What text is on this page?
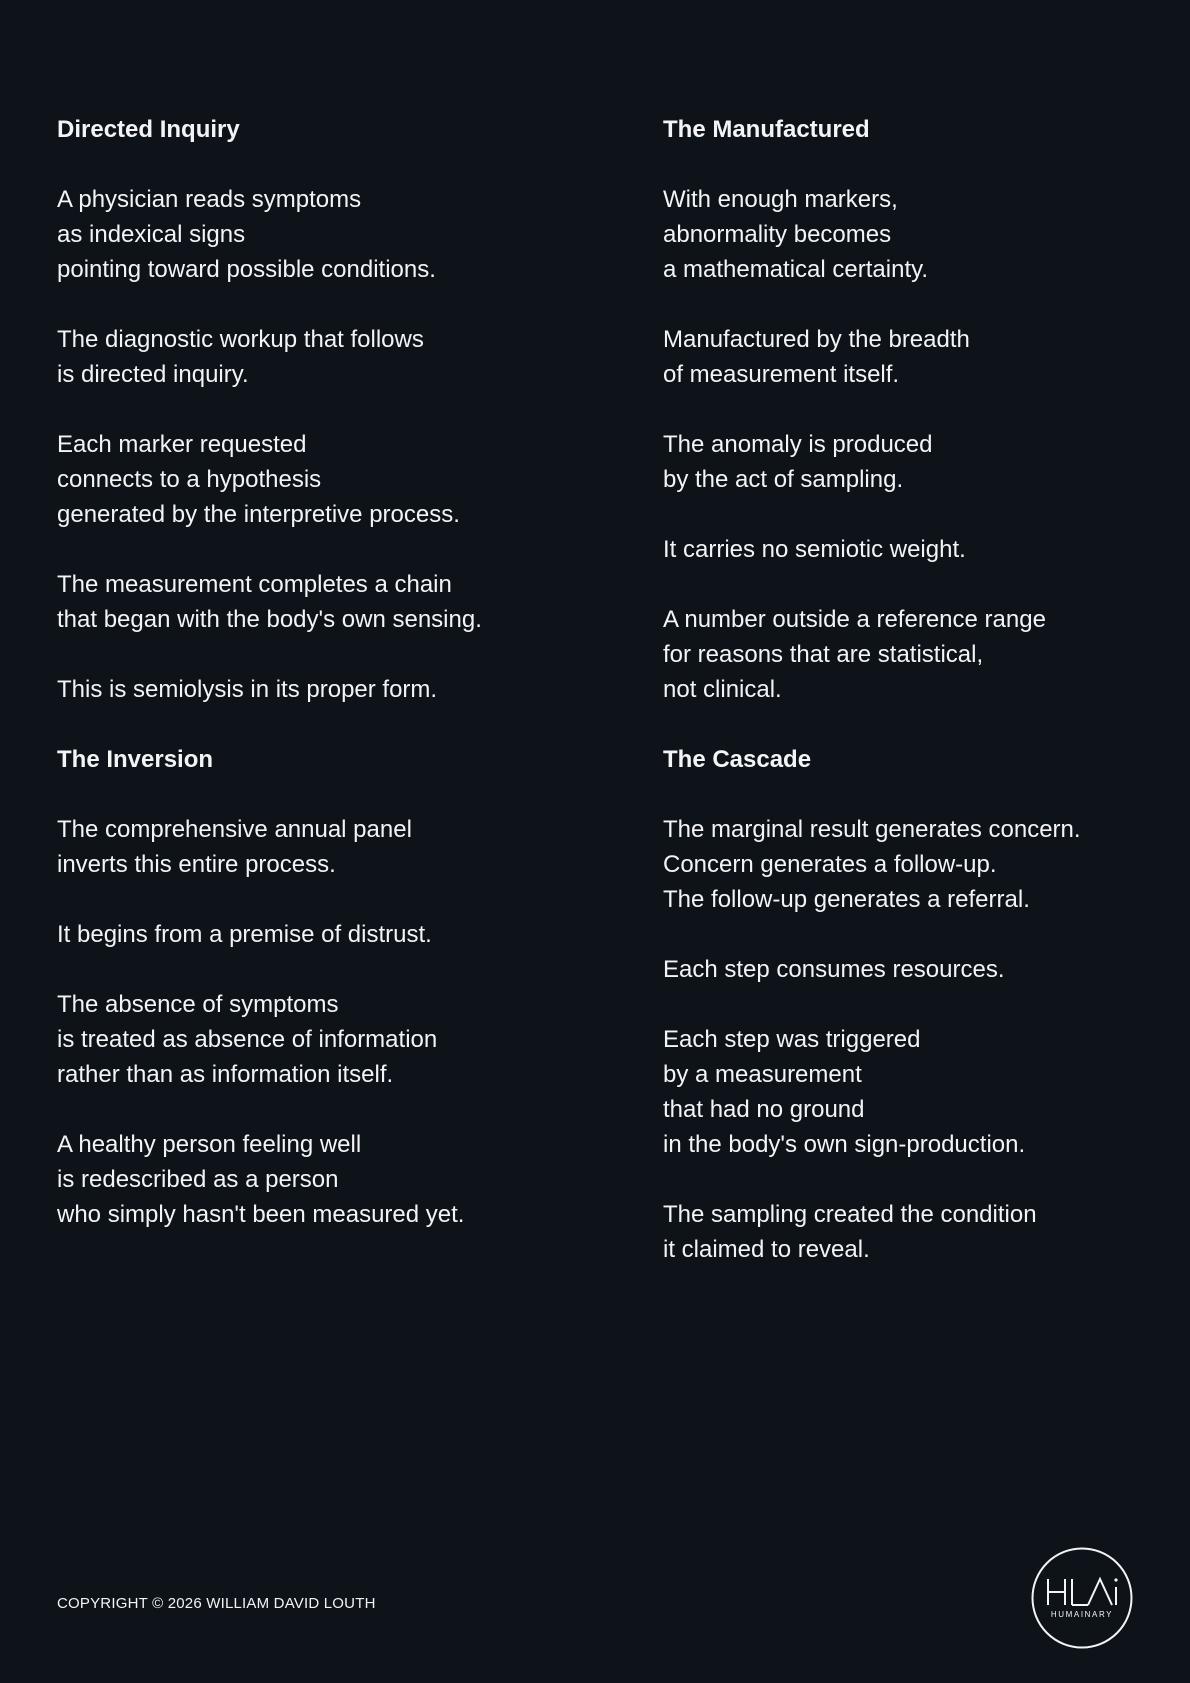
Directed Inquiry
A physician reads symptoms
as indexical signs
pointing toward possible conditions.
The diagnostic workup that follows
is directed inquiry.
Each marker requested
connects to a hypothesis
generated by the interpretive process.
The measurement completes a chain
that began with the body's own sensing.
This is semiolysis in its proper form.
The Inversion
The comprehensive annual panel
inverts this entire process.
It begins from a premise of distrust.
The absence of symptoms
is treated as absence of information
rather than as information itself.
A healthy person feeling well
is redescribed as a person
who simply hasn't been measured yet.
The Manufactured
With enough markers,
abnormality becomes
a mathematical certainty.
Manufactured by the breadth
of measurement itself.
The anomaly is produced
by the act of sampling.
It carries no semiotic weight.
A number outside a reference range
for reasons that are statistical,
not clinical.
The Cascade
The marginal result generates concern.
Concern generates a follow-up.
The follow-up generates a referral.
Each step consumes resources.
Each step was triggered
by a measurement
that had no ground
in the body's own sign-production.
The sampling created the condition
it claimed to reveal.
COPYRIGHT © 2026 WILLIAM DAVID LOUTH
HUMAINARY
